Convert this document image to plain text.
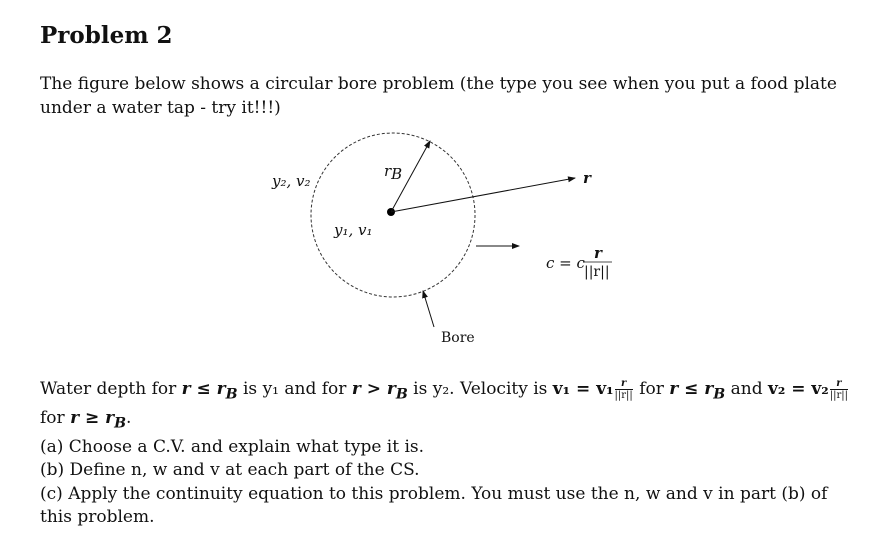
Problem 2

The figure below shows a circular bore problem (the type you see when you put a food plate under a water tap - try it!!!)

y₂, v₂
y₁, v₁
rB	r
c = c
r
||r||
Bore

Water depth for $r \le r_B$ is y₁ and for $r > r_B$ is y₂. Velocity is $v_1 = v_1 \frac{r}{||r||}$ for $r \le r_B$ and $v_2 = v_2 \frac{r}{||r||}$

for $r \ge r_B$.

(a) Choose a C.V. and explain what type it is.

(b) Define n, w and v at each part of the CS.

(c) Apply the continuity equation to this problem. You must use the n, w and v in part (b) of this problem.
